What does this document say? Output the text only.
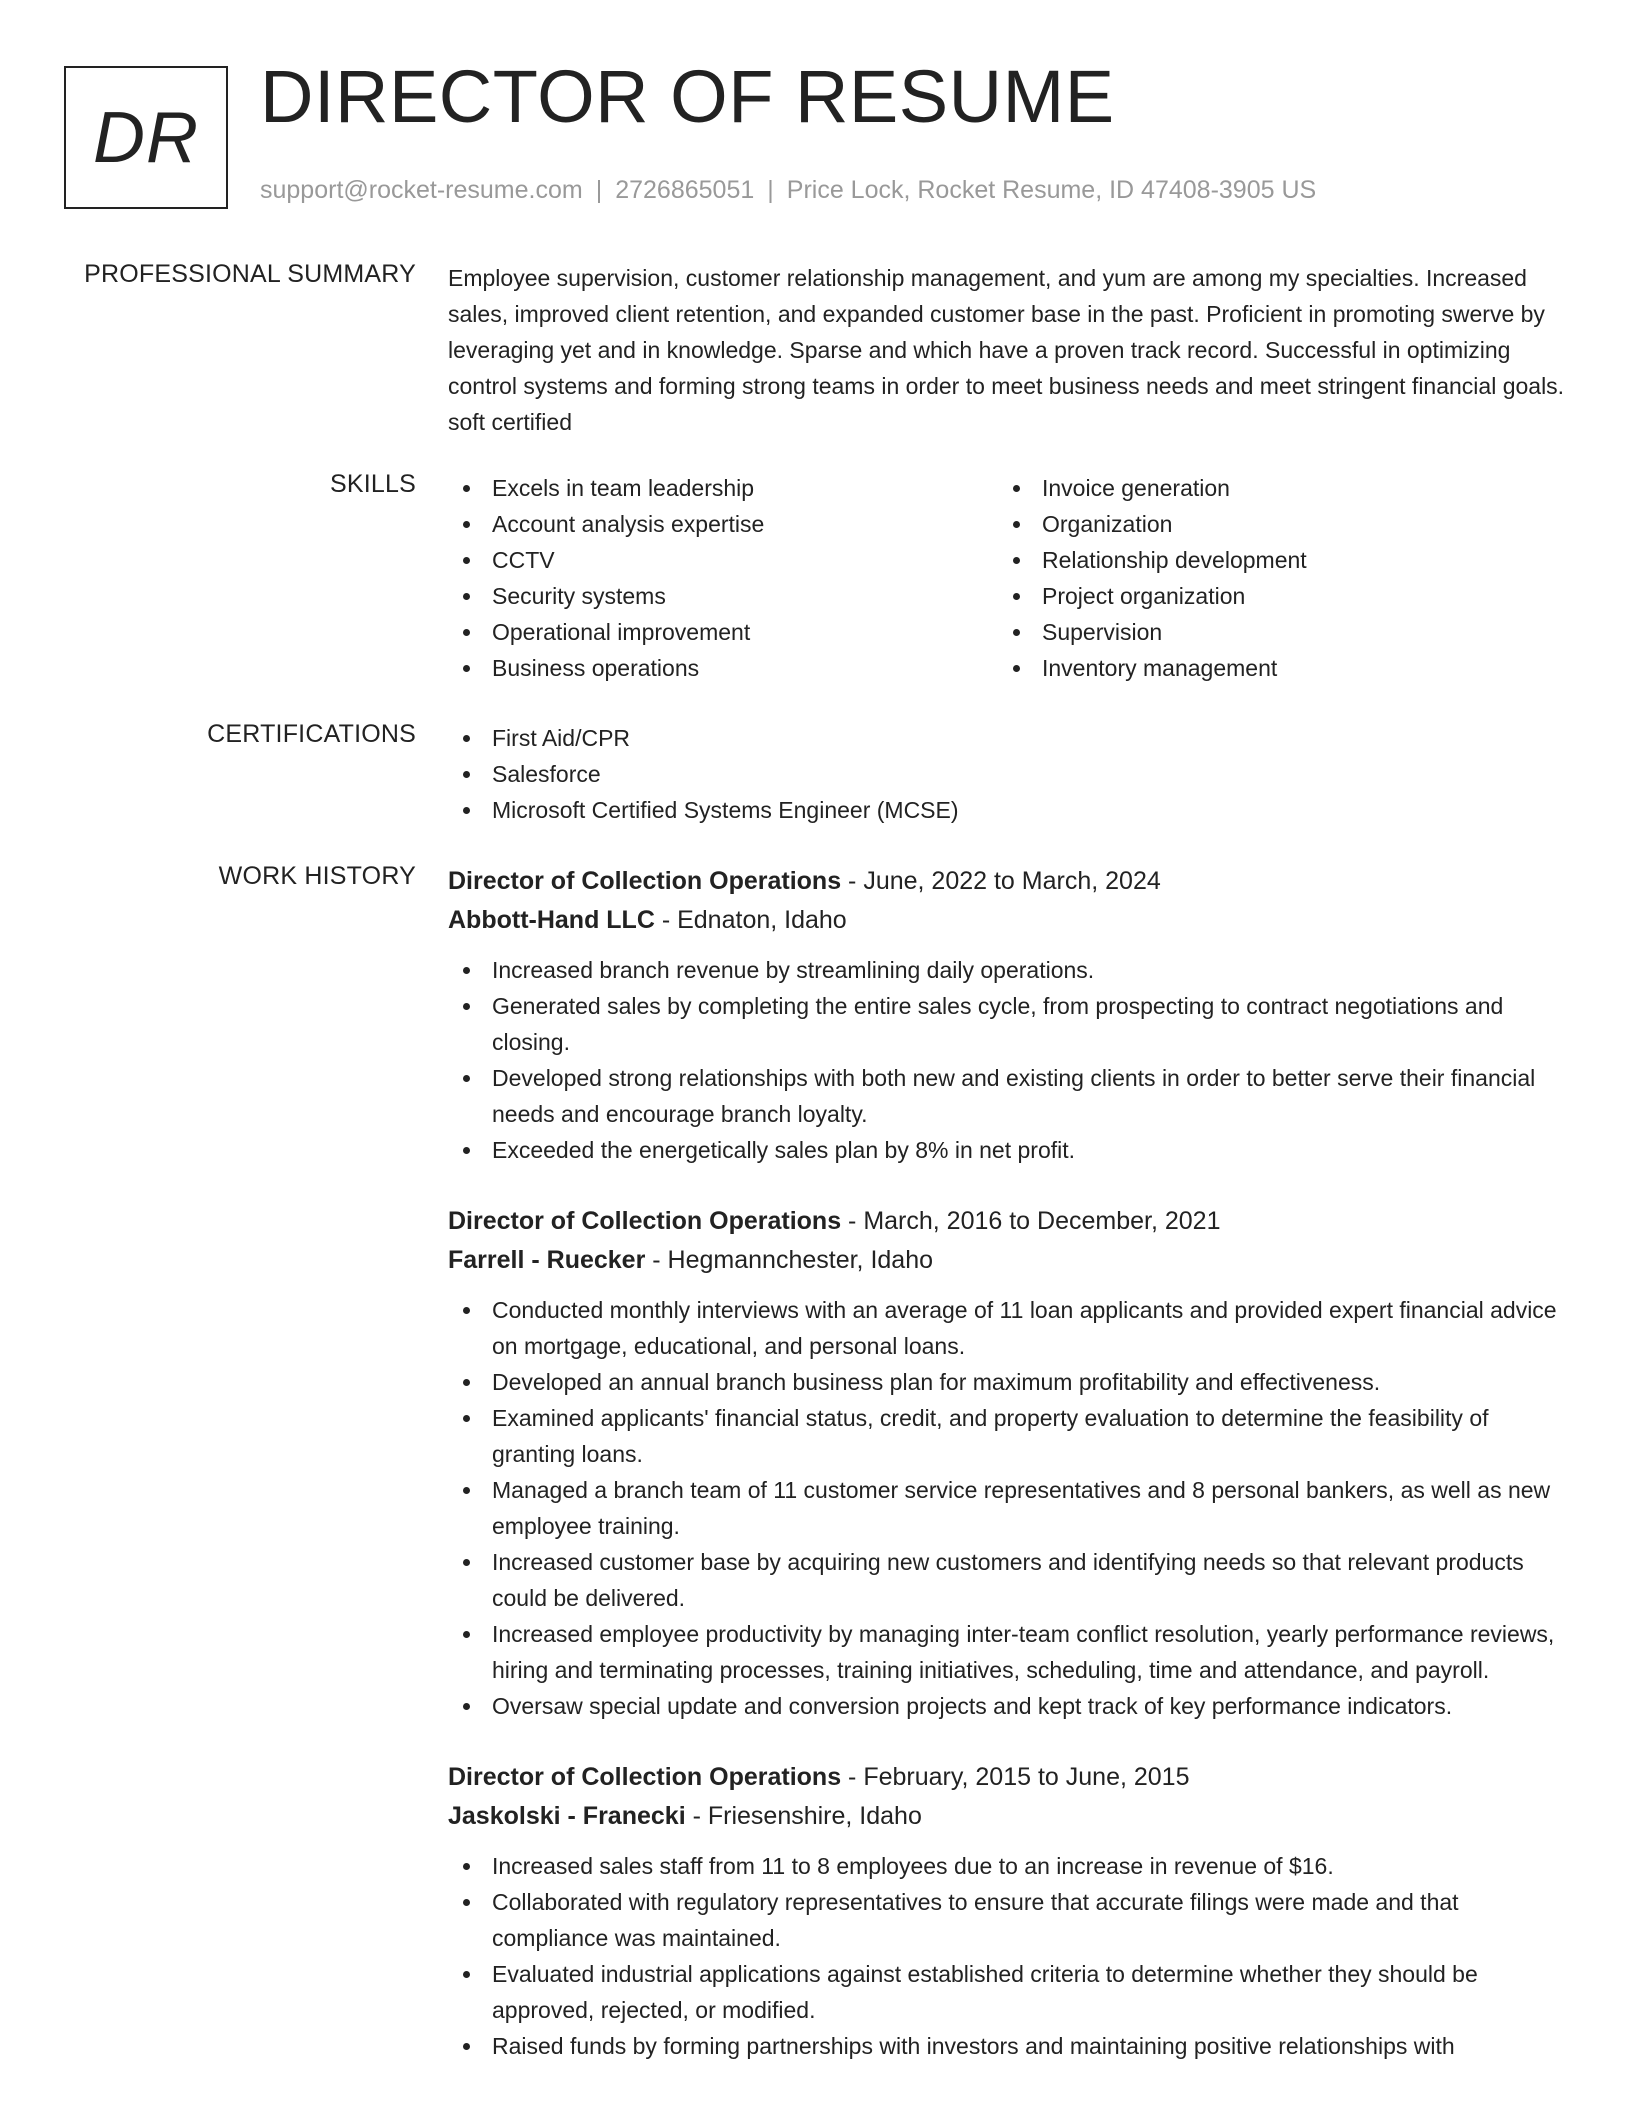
DR DIRECTOR OF RESUME
support@rocket-resume.com | 2726865051 | Price Lock, Rocket Resume, ID 47408-3905 US
PROFESSIONAL SUMMARY Employee supervision, customer relationship management, and yum are among my specialties. Increased sales, improved client retention, and expanded customer base in the past. Proficient in promoting swerve by leveraging yet and in knowledge. Sparse and which have a proven track record. Successful in optimizing control systems and forming strong teams in order to meet business needs and meet stringent financial goals. soft certified
SKILLS	Excels in team leadership
Account analysis expertise
CCTV
Security systems
Operational improvement
Business operations
Invoice generation
Organization
Relationship development
Project organization
Supervision
Inventory management
CERTIFICATIONS	First Aid/CPR
Salesforce
Microsoft Certified Systems Engineer (MCSE)
WORK HISTORY Director of Collection Operations - June, 2022 to March, 2024
Abbott-Hand LLC - Ednaton, Idaho
Increased branch revenue by streamlining daily operations.
Generated sales by completing the entire sales cycle, from prospecting to contract negotiations and closing.
Developed strong relationships with both new and existing clients in order to better serve their financial needs and encourage branch loyalty.
Exceeded the energetically sales plan by 8% in net profit.
Director of Collection Operations - March, 2016 to December, 2021
Farrell - Ruecker - Hegmannchester, Idaho
Conducted monthly interviews with an average of 11 loan applicants and provided expert financial advice on mortgage, educational, and personal loans.
Developed an annual branch business plan for maximum profitability and effectiveness.
Examined applicants' financial status, credit, and property evaluation to determine the feasibility of granting loans.
Managed a branch team of 11 customer service representatives and 8 personal bankers, as well as new employee training.
Increased customer base by acquiring new customers and identifying needs so that relevant products could be delivered.
Increased employee productivity by managing inter-team conflict resolution, yearly performance reviews, hiring and terminating processes, training initiatives, scheduling, time and attendance, and payroll.
Oversaw special update and conversion projects and kept track of key performance indicators.
Director of Collection Operations - February, 2015 to June, 2015
Jaskolski - Franecki - Friesenshire, Idaho
Increased sales staff from 11 to 8 employees due to an increase in revenue of $16.
Collaborated with regulatory representatives to ensure that accurate filings were made and that compliance was maintained.
Evaluated industrial applications against established criteria to determine whether they should be approved, rejected, or modified.
Raised funds by forming partnerships with investors and maintaining positive relationships with
